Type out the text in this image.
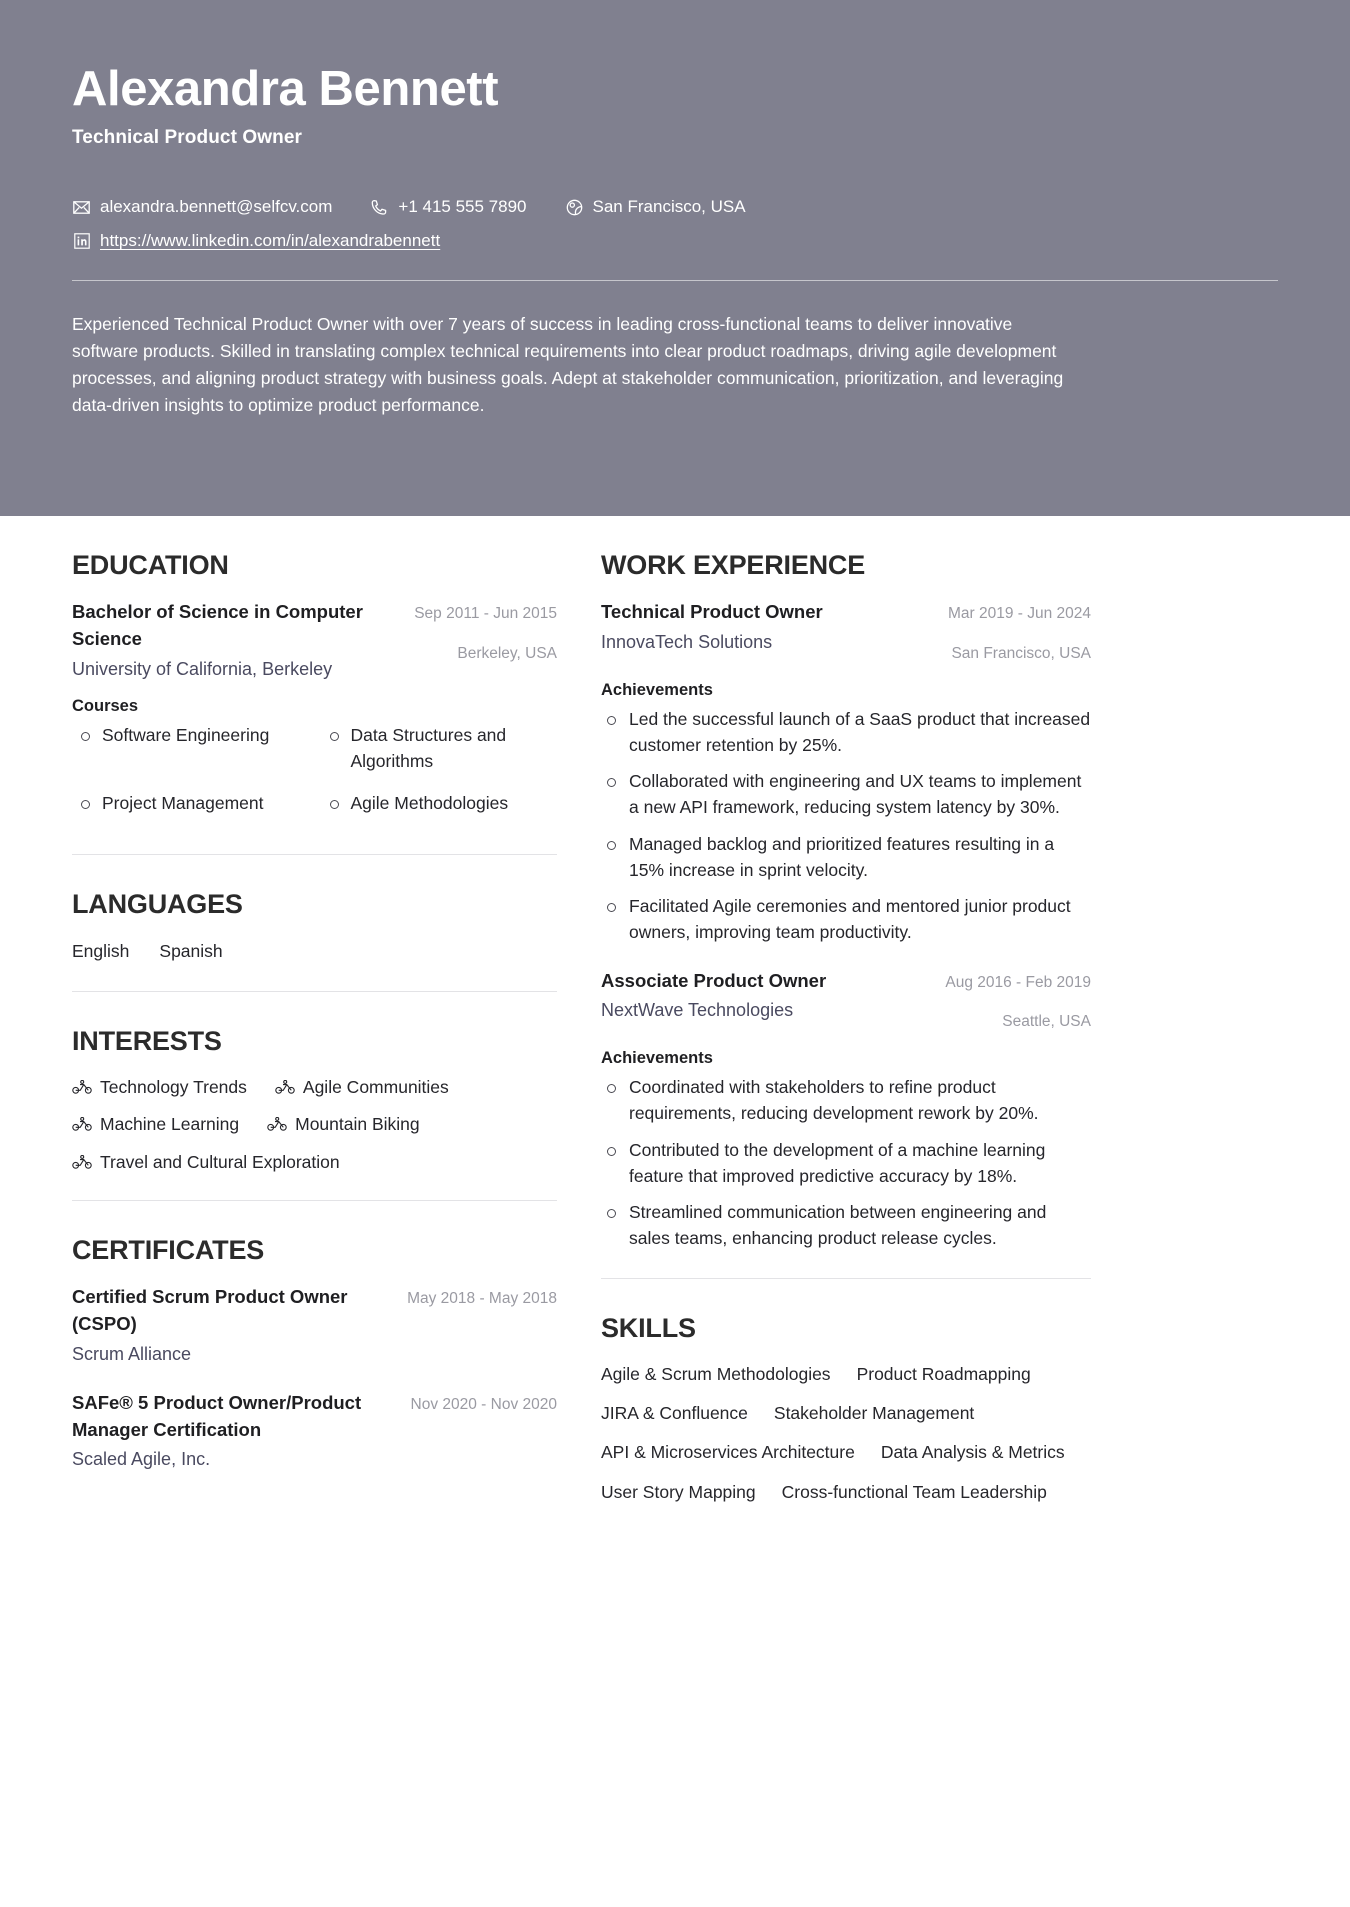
Alexandra Bennett
Technical Product Owner
alexandra.bennett@selfcv.com	+1 415 555 7890	San Francisco, USA
https://www.linkedin.com/in/alexandrabennett
Experienced Technical Product Owner with over 7 years of success in leading cross-functional teams to deliver innovative software products. Skilled in translating complex technical requirements into clear product roadmaps, driving agile development processes, and aligning product strategy with business goals. Adept at stakeholder communication, prioritization, and leveraging data-driven insights to optimize product performance.
EDUCATION
Bachelor of Science in Computer Science
University of California, Berkeley
Sep 2011 - Jun 2015
Berkeley, USA
Courses
Software Engineering	Data Structures and Algorithms
Project Management	Agile Methodologies
LANGUAGES
English Spanish
INTERESTS
Technology Trends	Agile Communities
Machine Learning	Mountain Biking
Travel and Cultural Exploration
CERTIFICATES
Certified Scrum Product Owner (CSPO)
Scrum Alliance
May 2018 - May 2018
SAFe® 5 Product Owner/Product Manager Certification
Scaled Agile, Inc.
Nov 2020 - Nov 2020
WORK EXPERIENCE
Technical Product Owner
InnovaTech Solutions
Mar 2019 - Jun 2024
San Francisco, USA
Achievements
Led the successful launch of a SaaS product that increased customer retention by 25%.
Collaborated with engineering and UX teams to implement a new API framework, reducing system latency by 30%.
Managed backlog and prioritized features resulting in a 15% increase in sprint velocity.
Facilitated Agile ceremonies and mentored junior product owners, improving team productivity.
Associate Product Owner
NextWave Technologies
Aug 2016 - Feb 2019
Seattle, USA
Achievements
Coordinated with stakeholders to refine product requirements, reducing development rework by 20%.
Contributed to the development of a machine learning feature that improved predictive accuracy by 18%.
Streamlined communication between engineering and sales teams, enhancing product release cycles.
SKILLS
Agile & Scrum Methodologies Product Roadmapping
JIRA & Confluence Stakeholder Management
API & Microservices Architecture Data Analysis & Metrics
User Story Mapping Cross-functional Team Leadership
